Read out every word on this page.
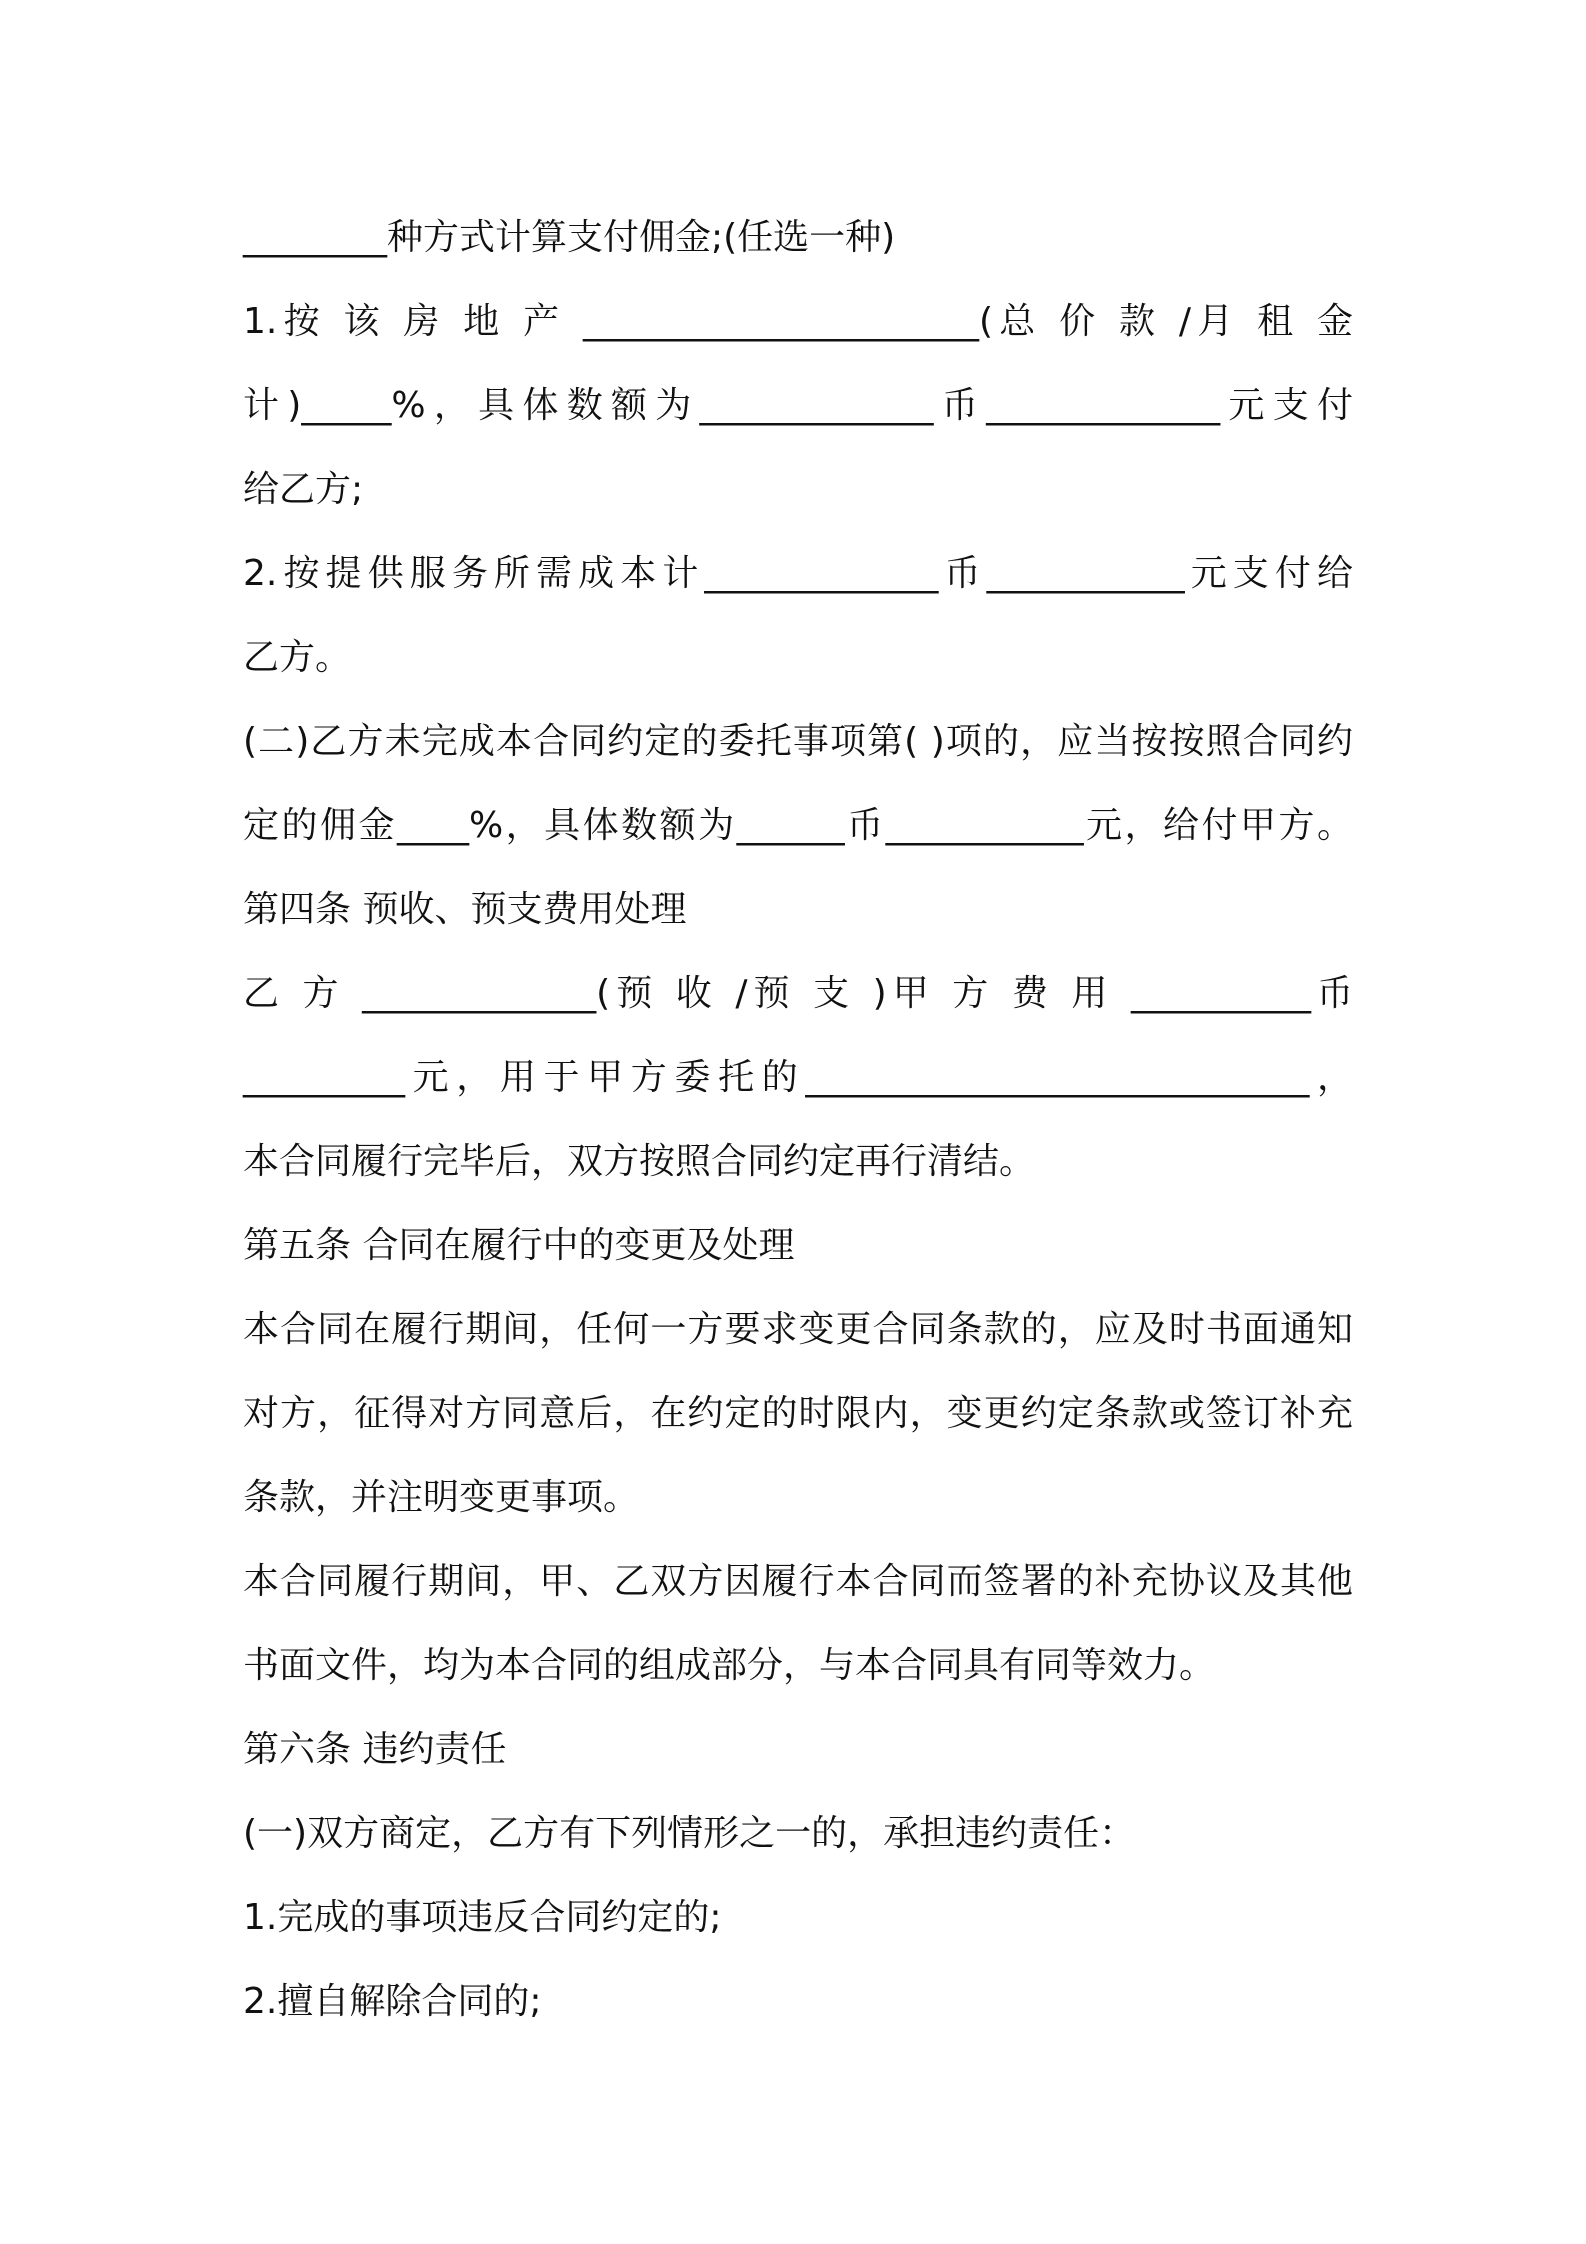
________种方式计算支付佣金;(任选一种)
1.按 该 房 地 产 ______________________(总 价 款 /月 租 金
计)_____%，具体数额为_____________币_____________元支付
给乙方;
2.按提供服务所需成本计_____________币___________元支付给
乙方。
(二)乙方未完成本合同约定的委托事项第( )项的，应当按按照合同约
定的佣金____%，具体数额为______币___________元，给付甲方。
第四条 预收、预支费用处理
乙 方 _____________(预 收 /预 支 )甲 方 费 用 __________币
_________元，用于甲方委托的____________________________，
本合同履行完毕后，双方按照合同约定再行清结。
第五条 合同在履行中的变更及处理
本合同在履行期间，任何一方要求变更合同条款的，应及时书面通知
对方，征得对方同意后，在约定的时限内，变更约定条款或签订补充
条款，并注明变更事项。
本合同履行期间，甲、乙双方因履行本合同而签署的补充协议及其他
书面文件，均为本合同的组成部分，与本合同具有同等效力。
第六条 违约责任
(一)双方商定，乙方有下列情形之一的，承担违约责任：
1.完成的事项违反合同约定的;
2.擅自解除合同的;
